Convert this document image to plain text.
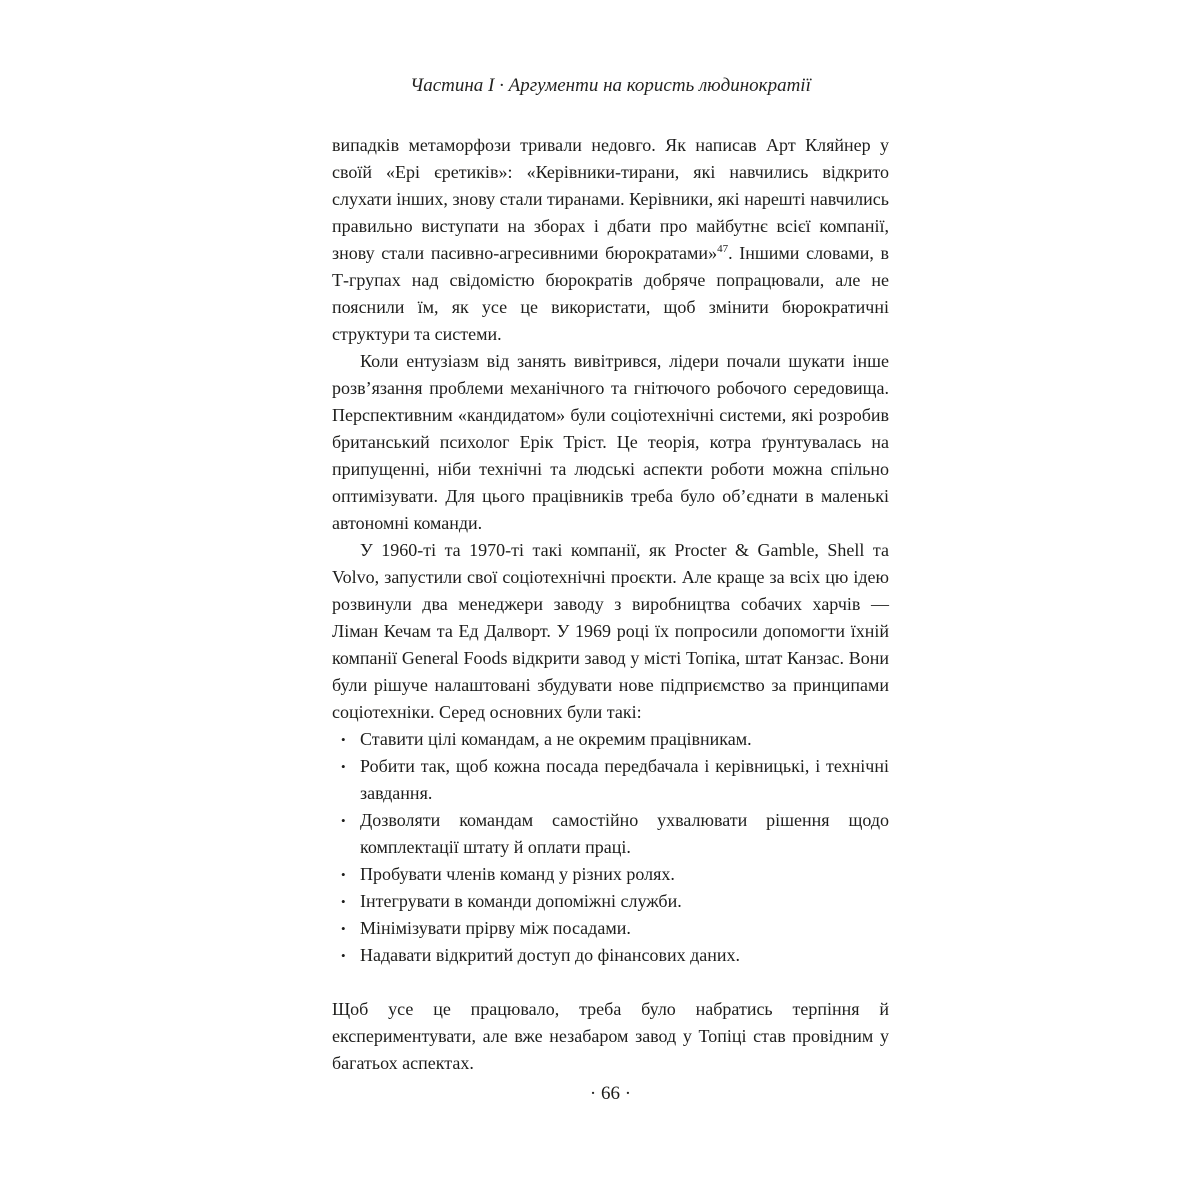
Частина I · Аргументи на користь людинократії

випадків метаморфози тривали недовго. Як написав Арт Кляйнер у своїй «Ері єретиків»: «Керівники-тирани, які навчились відкрито слухати інших, знову стали тиранами. Керівники, які нарешті навчились правильно виступати на зборах і дбати про майбутнє всієї компанії, знову стали пасивно-агресивними бюрократами»$^{47}$. Іншими словами, в Т-групах над свідомістю бюрократів добряче попрацювали, але не пояснили їм, як усе це використати, щоб змінити бюрократичні структури та системи.

Коли ентузіазм від занять вивітрився, лідери почали шукати інше розв’язання проблеми механічного та гнітючого робочого середовища. Перспективним «кандидатом» були соціотехнічні системи, які розробив британський психолог Ерік Тріст. Це теорія, котра ґрунтувалась на припущенні, ніби технічні та людські аспекти роботи можна спільно оптимізувати. Для цього працівників треба було об’єднати в маленькі автономні команди.

У 1960-ті та 1970-ті такі компанії, як Procter & Gamble, Shell та Volvo, запустили свої соціотехнічні проєкти. Але краще за всіх цю ідею розвинули два менеджери заводу з виробництва собачих харчів — Ліман Кечам та Ед Далворт. У 1969 році їх попросили допомогти їхній компанії General Foods відкрити завод у місті Топіка, штат Канзас. Вони були рішуче налаштовані збудувати нове підприємство за принципами соціотехніки. Серед основних були такі:

• Ставити цілі командам, а не окремим працівникам.
• Робити так, щоб кожна посада передбачала і керівницькі, і технічні завдання.
• Дозволяти командам самостійно ухвалювати рішення щодо комплектації штату й оплати праці.
• Пробувати членів команд у різних ролях.
• Інтегрувати в команди допоміжні служби.
• Мінімізувати прірву між посадами.
• Надавати відкритий доступ до фінансових даних.

Щоб усе це працювало, треба було набратись терпіння й експериментувати, але вже незабаром завод у Топіці став провідним у багатьох аспектах.

· 66 ·
